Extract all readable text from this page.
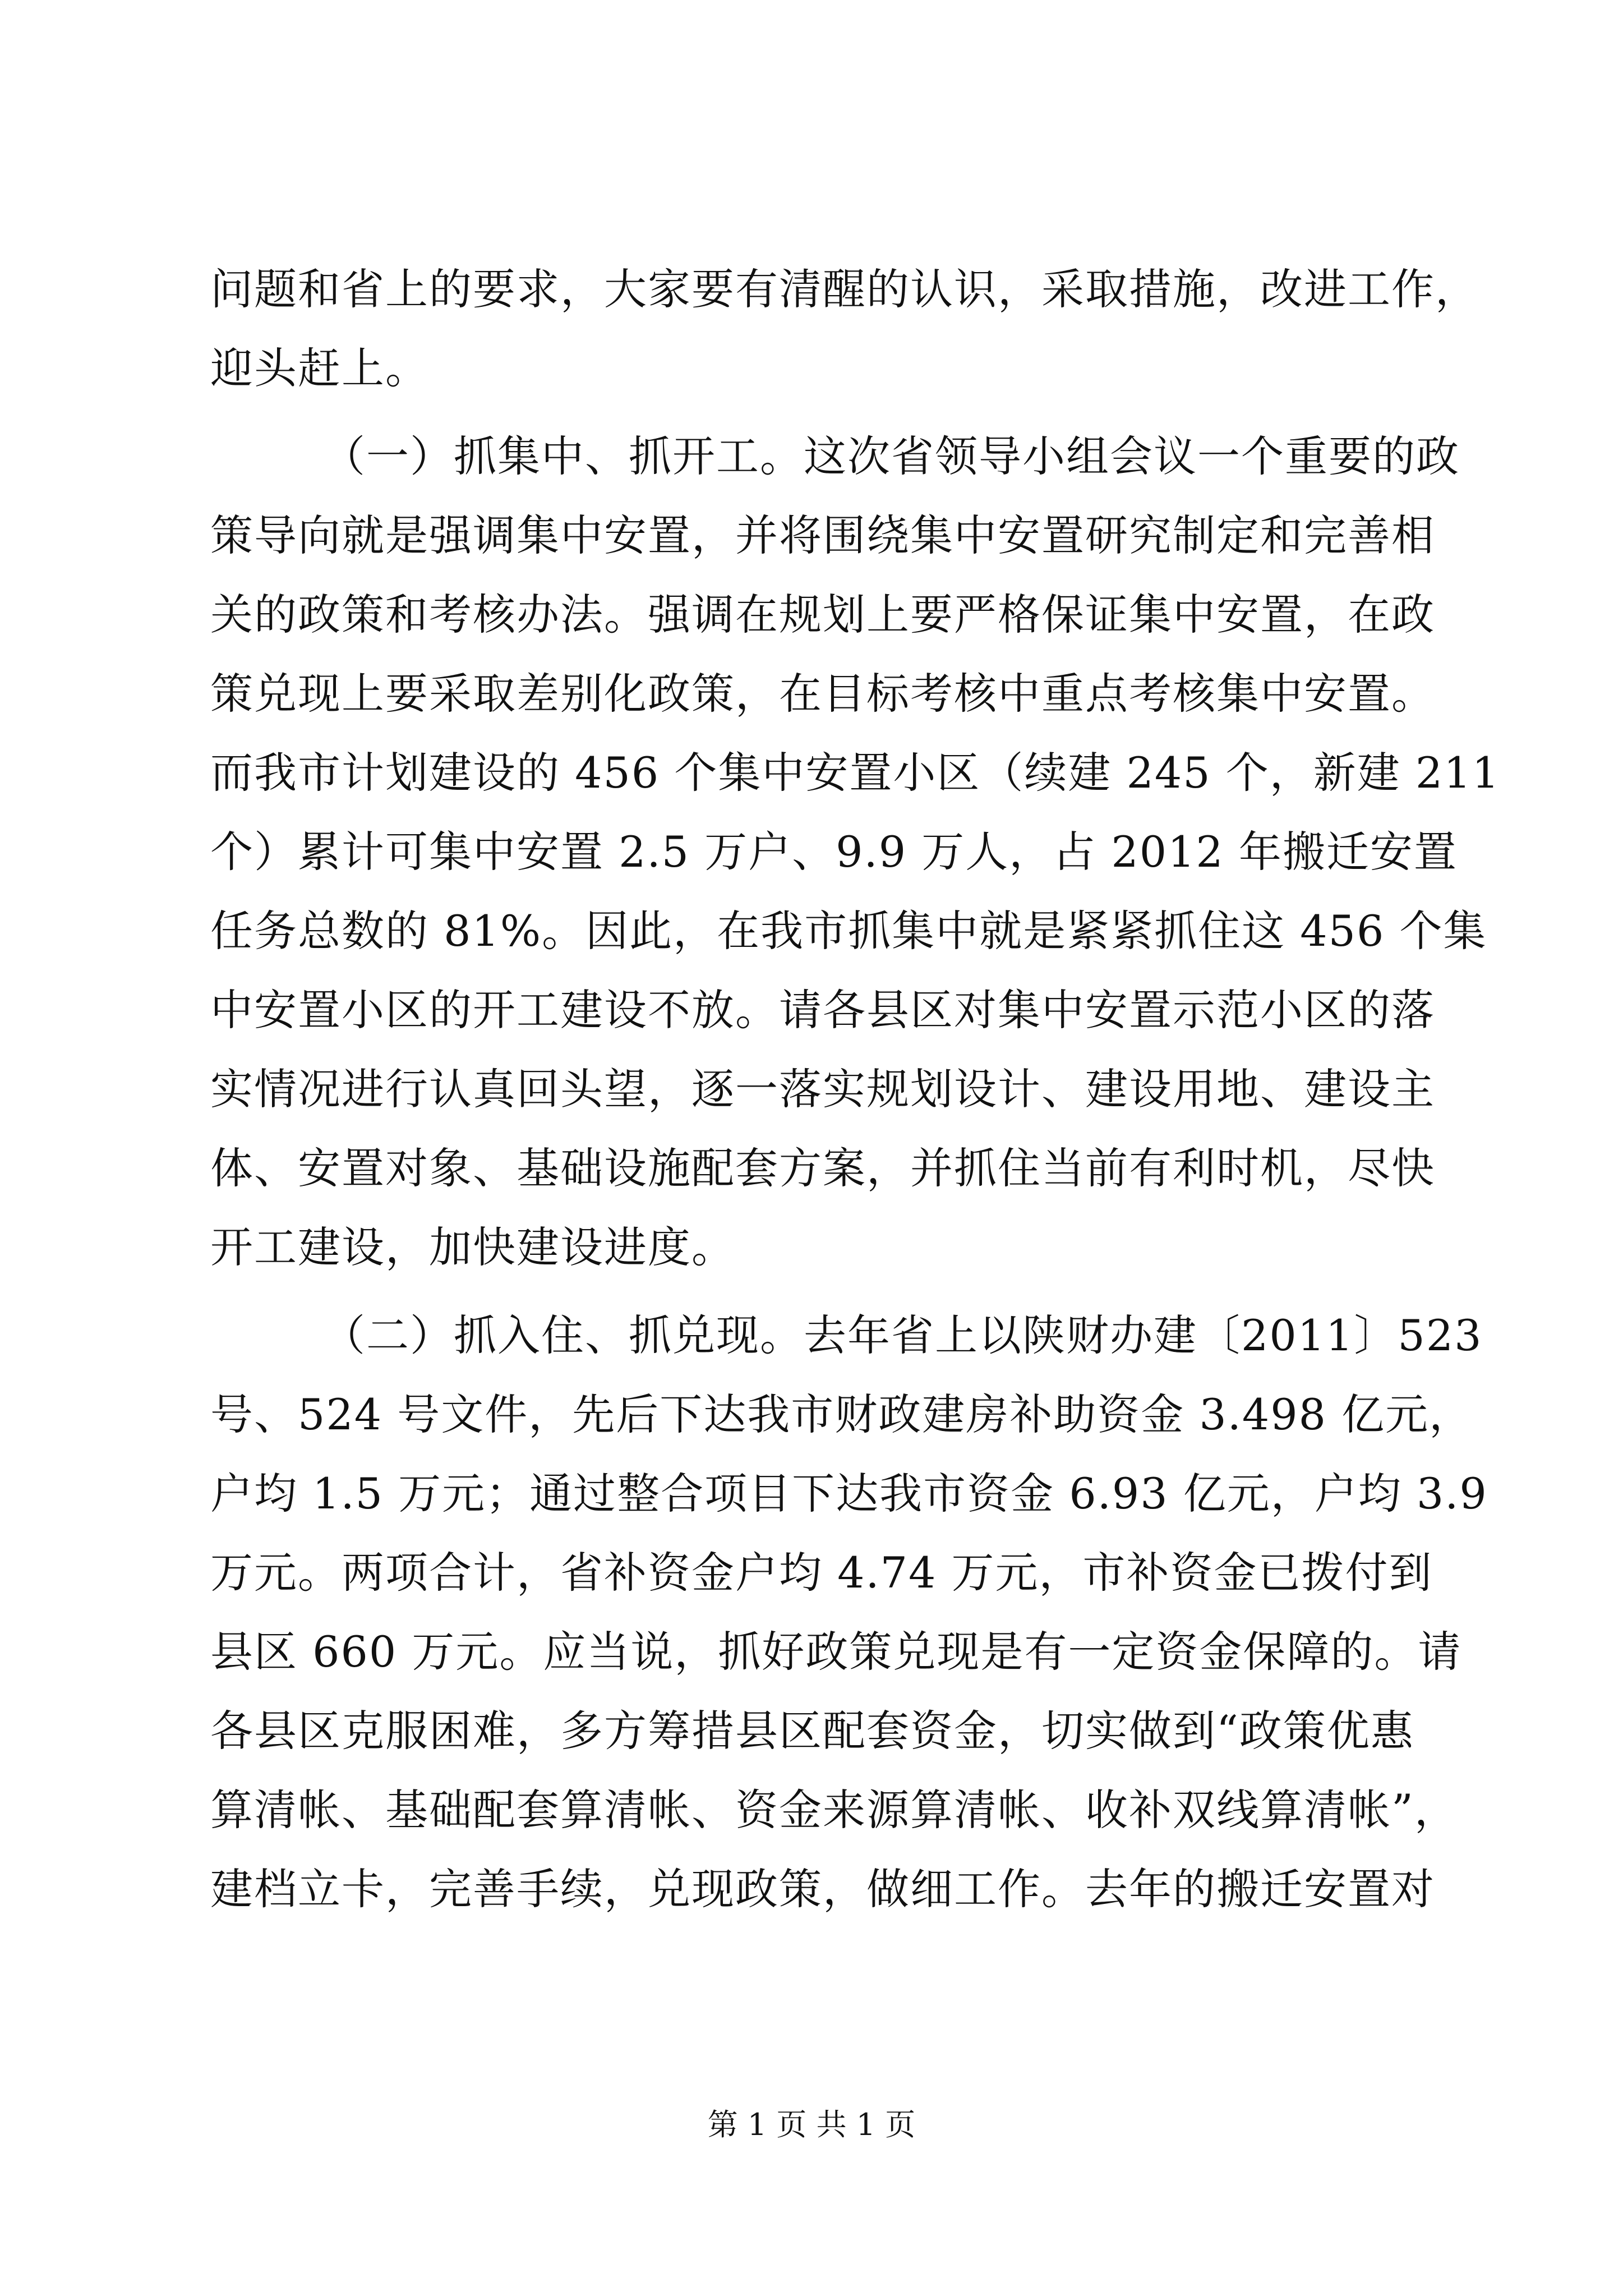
问题和省上的要求，大家要有清醒的认识，采取措施，改进工作，
迎头赶上。
（一）抓集中、抓开工。这次省领导小组会议一个重要的政
策导向就是强调集中安置，并将围绕集中安置研究制定和完善相
关的政策和考核办法。强调在规划上要严格保证集中安置，在政
策兑现上要采取差别化政策，在目标考核中重点考核集中安置。
而我市计划建设的 456 个集中安置小区（续建 245 个，新建 211
个）累计可集中安置 2.5 万户、9.9 万人，占 2012 年搬迁安置
任务总数的 81%。因此，在我市抓集中就是紧紧抓住这 456 个集
中安置小区的开工建设不放。请各县区对集中安置示范小区的落
实情况进行认真回头望，逐一落实规划设计、建设用地、建设主
体、安置对象、基础设施配套方案，并抓住当前有利时机，尽快
开工建设，加快建设进度。
（二）抓入住、抓兑现。去年省上以陕财办建〔2011〕523
号、524 号文件，先后下达我市财政建房补助资金 3.498 亿元，
户均 1.5 万元；通过整合项目下达我市资金 6.93 亿元，户均 3.9
万元。两项合计，省补资金户均 4.74 万元，市补资金已拨付到
县区 660 万元。应当说，抓好政策兑现是有一定资金保障的。请
各县区克服困难，多方筹措县区配套资金，切实做到“政策优惠
算清帐、基础配套算清帐、资金来源算清帐、收补双线算清帐”，
建档立卡，完善手续，兑现政策，做细工作。去年的搬迁安置对
第 1 页 共 1 页
